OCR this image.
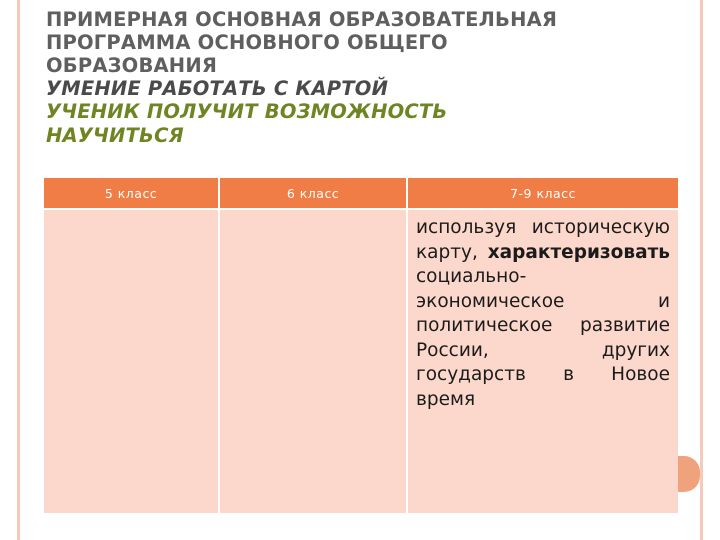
ПРИМЕРНАЯ ОСНОВНАЯ ОБРАЗОВАТЕЛЬНАЯ
ПРОГРАММА ОСНОВНОГО ОБЩЕГО
ОБРАЗОВАНИЯ
УМЕНИЕ РАБОТАТЬ С КАРТОЙ
УЧЕНИК ПОЛУЧИТ ВОЗМОЖНОСТЬ
НАУЧИТЬСЯ
5 класс	6 класс	7-9 класс

		используя историческую карту, характеризовать социально-экономическое и политическое развитие России, других государств в Новое время
